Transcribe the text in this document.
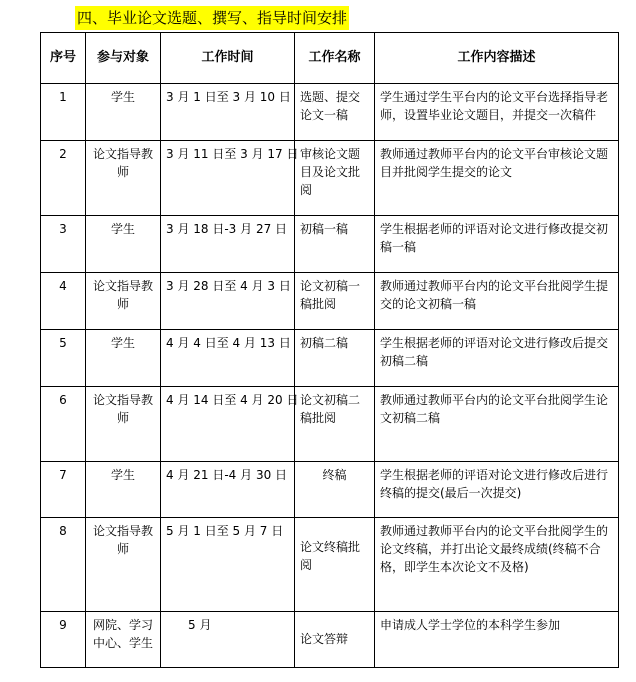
四、毕业论文选题、撰写、指导时间安排
序号	参与对象	工作时间	工作名称	工作内容描述
1	学生	3 月 1 日至 3 月 10 日	选题、提交论文一稿	学生通过学生平台内的论文平台选择指导老师，设置毕业论文题目，并提交一次稿件
2	论文指导教师	3 月 11 日至 3 月 17 日	审核论文题目及论文批阅	教师通过教师平台内的论文平台审核论文题目并批阅学生提交的论文
3	学生	3 月 18 日-3 月 27 日	初稿一稿	学生根据老师的评语对论文进行修改提交初稿一稿
4	论文指导教师	3 月 28 日至 4 月 3 日	论文初稿一稿批阅	教师通过教师平台内的论文平台批阅学生提交的论文初稿一稿
5	学生	4 月 4 日至 4 月 13 日	初稿二稿	学生根据老师的评语对论文进行修改后提交初稿二稿
6	论文指导教师	4 月 14 日至 4 月 20 日	论文初稿二稿批阅	教师通过教师平台内的论文平台批阅学生论文初稿二稿
7	学生	4 月 21 日-4 月 30 日	终稿	学生根据老师的评语对论文进行修改后进行终稿的提交(最后一次提交)
8	论文指导教师	5 月 1 日至 5 月 7 日	论文终稿批阅	教师通过教师平台内的论文平台批阅学生的论文终稿，并打出论文最终成绩(终稿不合格，即学生本次论文不及格)
9	网院、学习中心、学生	5 月	论文答辩	申请成人学士学位的本科学生参加
